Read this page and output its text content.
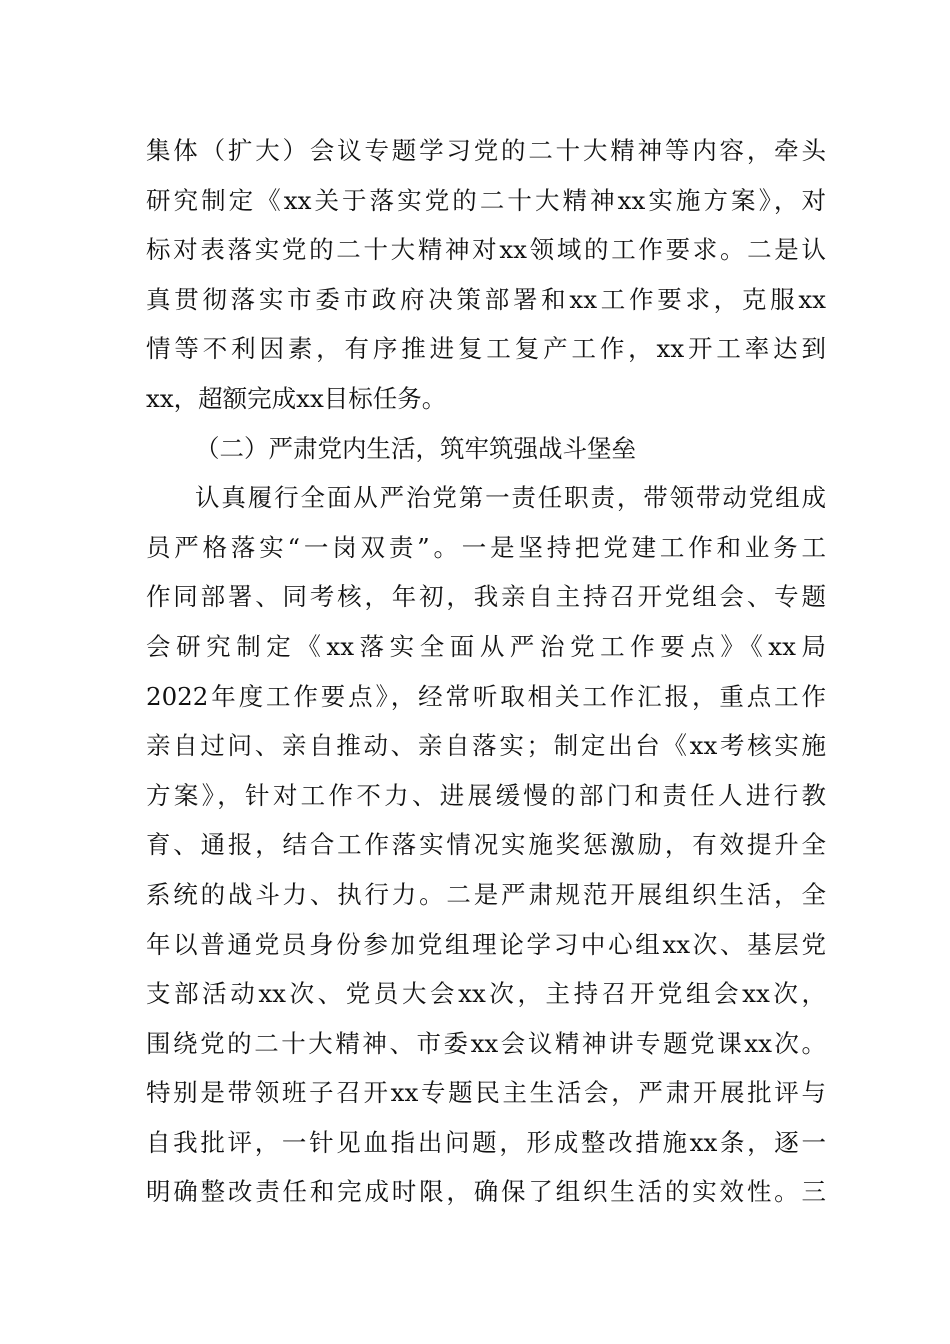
集体（扩大）会议专题学习党的二十大精神等内容，牵头
研究制定《xx关于落实党的二十大精神xx实施方案》，对
标对表落实党的二十大精神对xx领域的工作要求。二是认
真贯彻落实市委市政府决策部署和xx工作要求，克服xx
情等不利因素，有序推进复工复产工作，xx开工率达到
xx，超额完成xx目标任务。
（二）严肃党内生活，筑牢筑强战斗堡垒
认真履行全面从严治党第一责任职责，带领带动党组成
员严格落实“一岗双责”。一是坚持把党建工作和业务工
作同部署、同考核，年初，我亲自主持召开党组会、专题
会研究制定《xx落实全面从严治党工作要点》《xx局
2022年度工作要点》，经常听取相关工作汇报，重点工作
亲自过问、亲自推动、亲自落实；制定出台《xx考核实施
方案》，针对工作不力、进展缓慢的部门和责任人进行教
育、通报，结合工作落实情况实施奖惩激励，有效提升全
系统的战斗力、执行力。二是严肃规范开展组织生活，全
年以普通党员身份参加党组理论学习中心组xx次、基层党
支部活动xx次、党员大会xx次，主持召开党组会xx次，
围绕党的二十大精神、市委xx会议精神讲专题党课xx次。
特别是带领班子召开xx专题民主生活会，严肃开展批评与
自我批评，一针见血指出问题，形成整改措施xx条，逐一
明确整改责任和完成时限，确保了组织生活的实效性。三
